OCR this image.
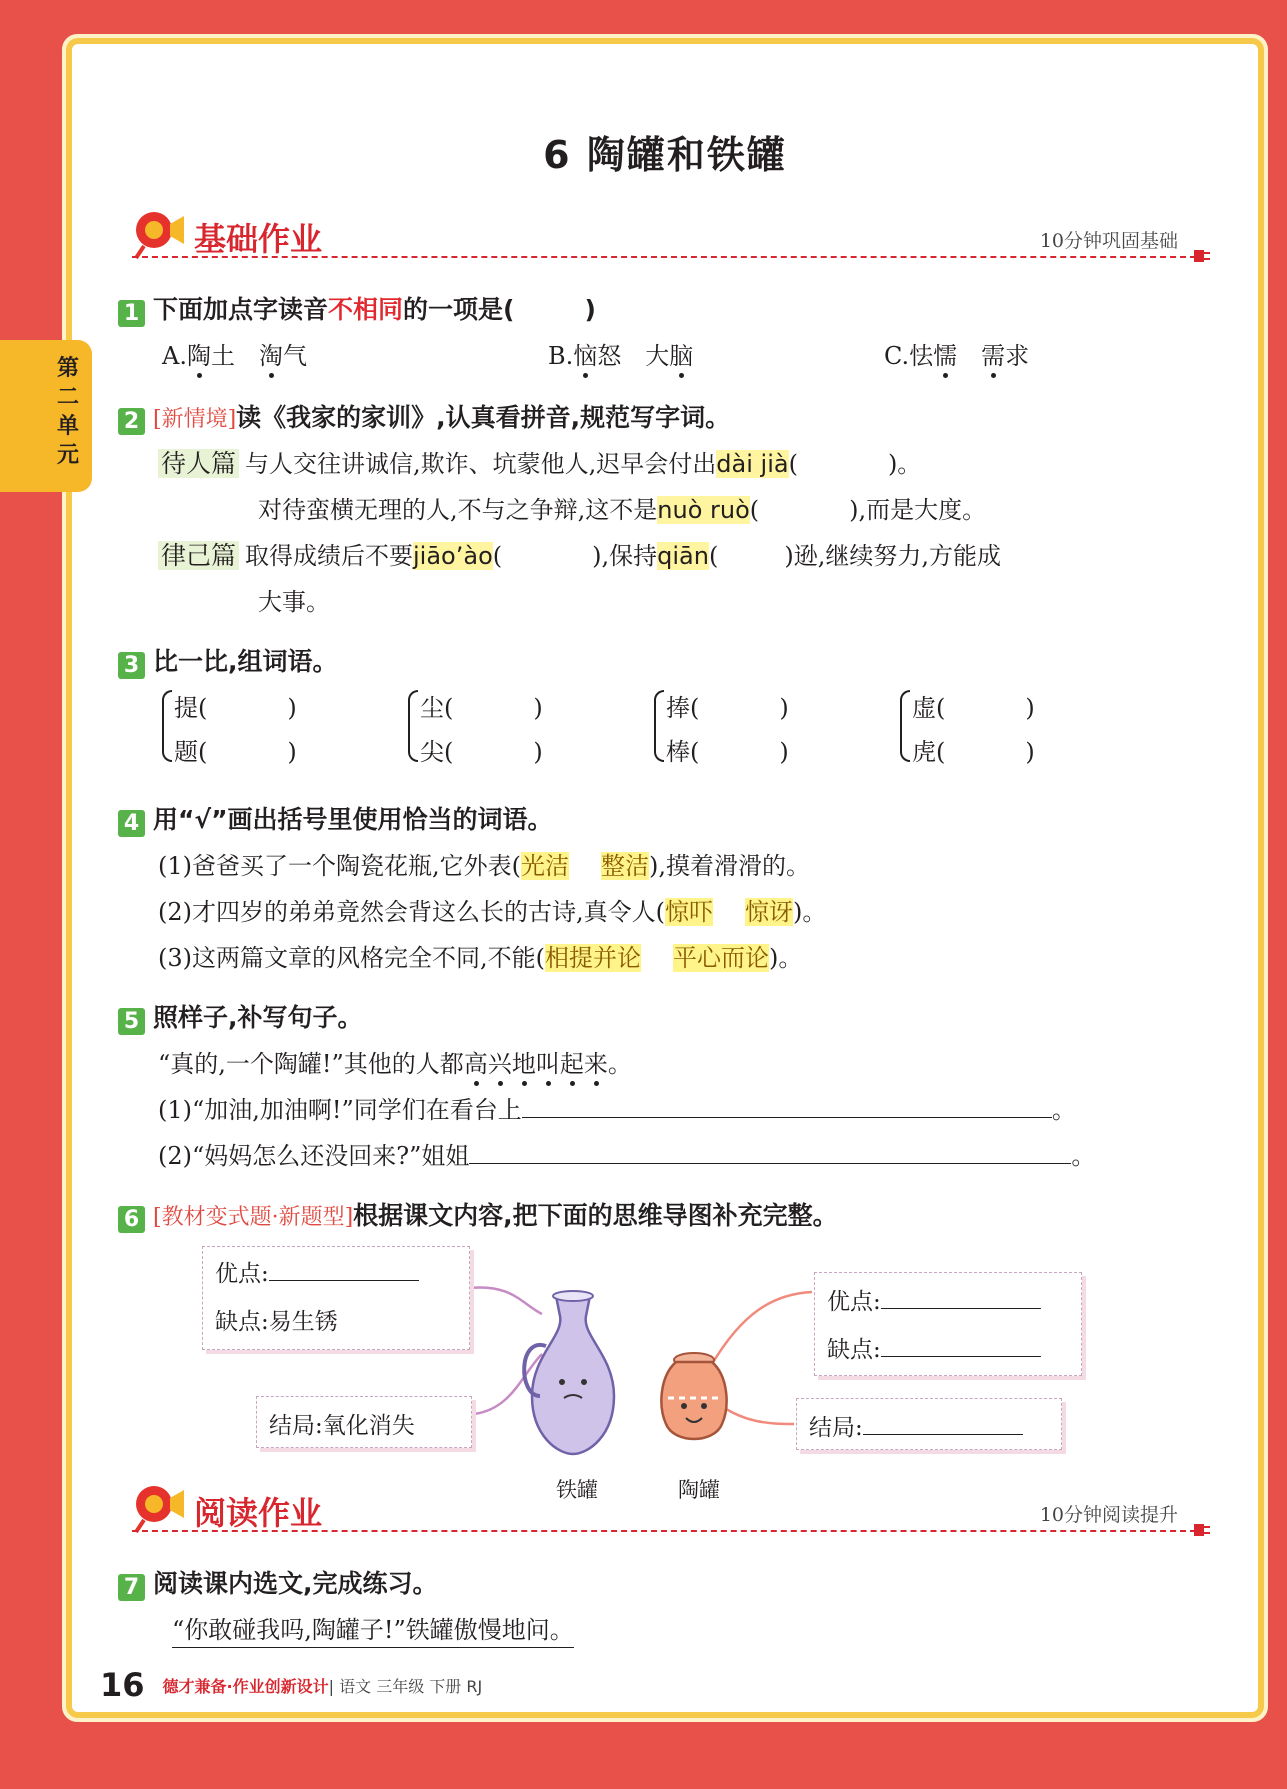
6 陶罐和铁罐
基础作业	10分钟巩固基础
1 下面加点字读音不相同的一项是(	)
A.陶土 淘气	B.恼怒 大脑	C.怯懦 需求
2 [新情境]读《我家的家训》,认真看拼音,规范写字词。
待人篇 与人交往讲诚信,欺诈、坑蒙他人,迟早会付出dài jià(	)。
对待蛮横无理的人,不与之争辩,这不是nuò ruò(	),而是大度。
律己篇 取得成绩后不要jiāo’ào(	),保持qiān(	)逊,继续努力,方能成
大事。
3 比一比,组词语。
提(	)
题(	)
尘(	)
尖(	)
捧(	)
棒(	)
虚(	)
虎(	)
4 用“√”画出括号里使用恰当的词语。
(1)爸爸买了一个陶瓷花瓶,它外表(光洁 整洁),摸着滑滑的。
(2)才四岁的弟弟竟然会背这么长的古诗,真令人(惊吓 惊讶)。
(3)这两篇文章的风格完全不同,不能(相提并论 平心而论)。
5 照样子,补写句子。
“真的,一个陶罐!”其他的人都高兴地叫起来。
(1)“加油,加油啊!”同学们在看台上	。
(2)“妈妈怎么还没回来?”姐姐	。
6 [教材变式题·新题型]根据课文内容,把下面的思维导图补充完整。
优点:
缺点:易生锈
结局:氧化消失
铁罐	陶罐
优点:
缺点:
结局:
阅读作业	10分钟阅读提升
7 阅读课内选文,完成练习。
“你敢碰我吗,陶罐子!”铁罐傲慢地问。
16 德才兼备·作业创新设计| 语文 三年级 下册 RJ
第二单元
